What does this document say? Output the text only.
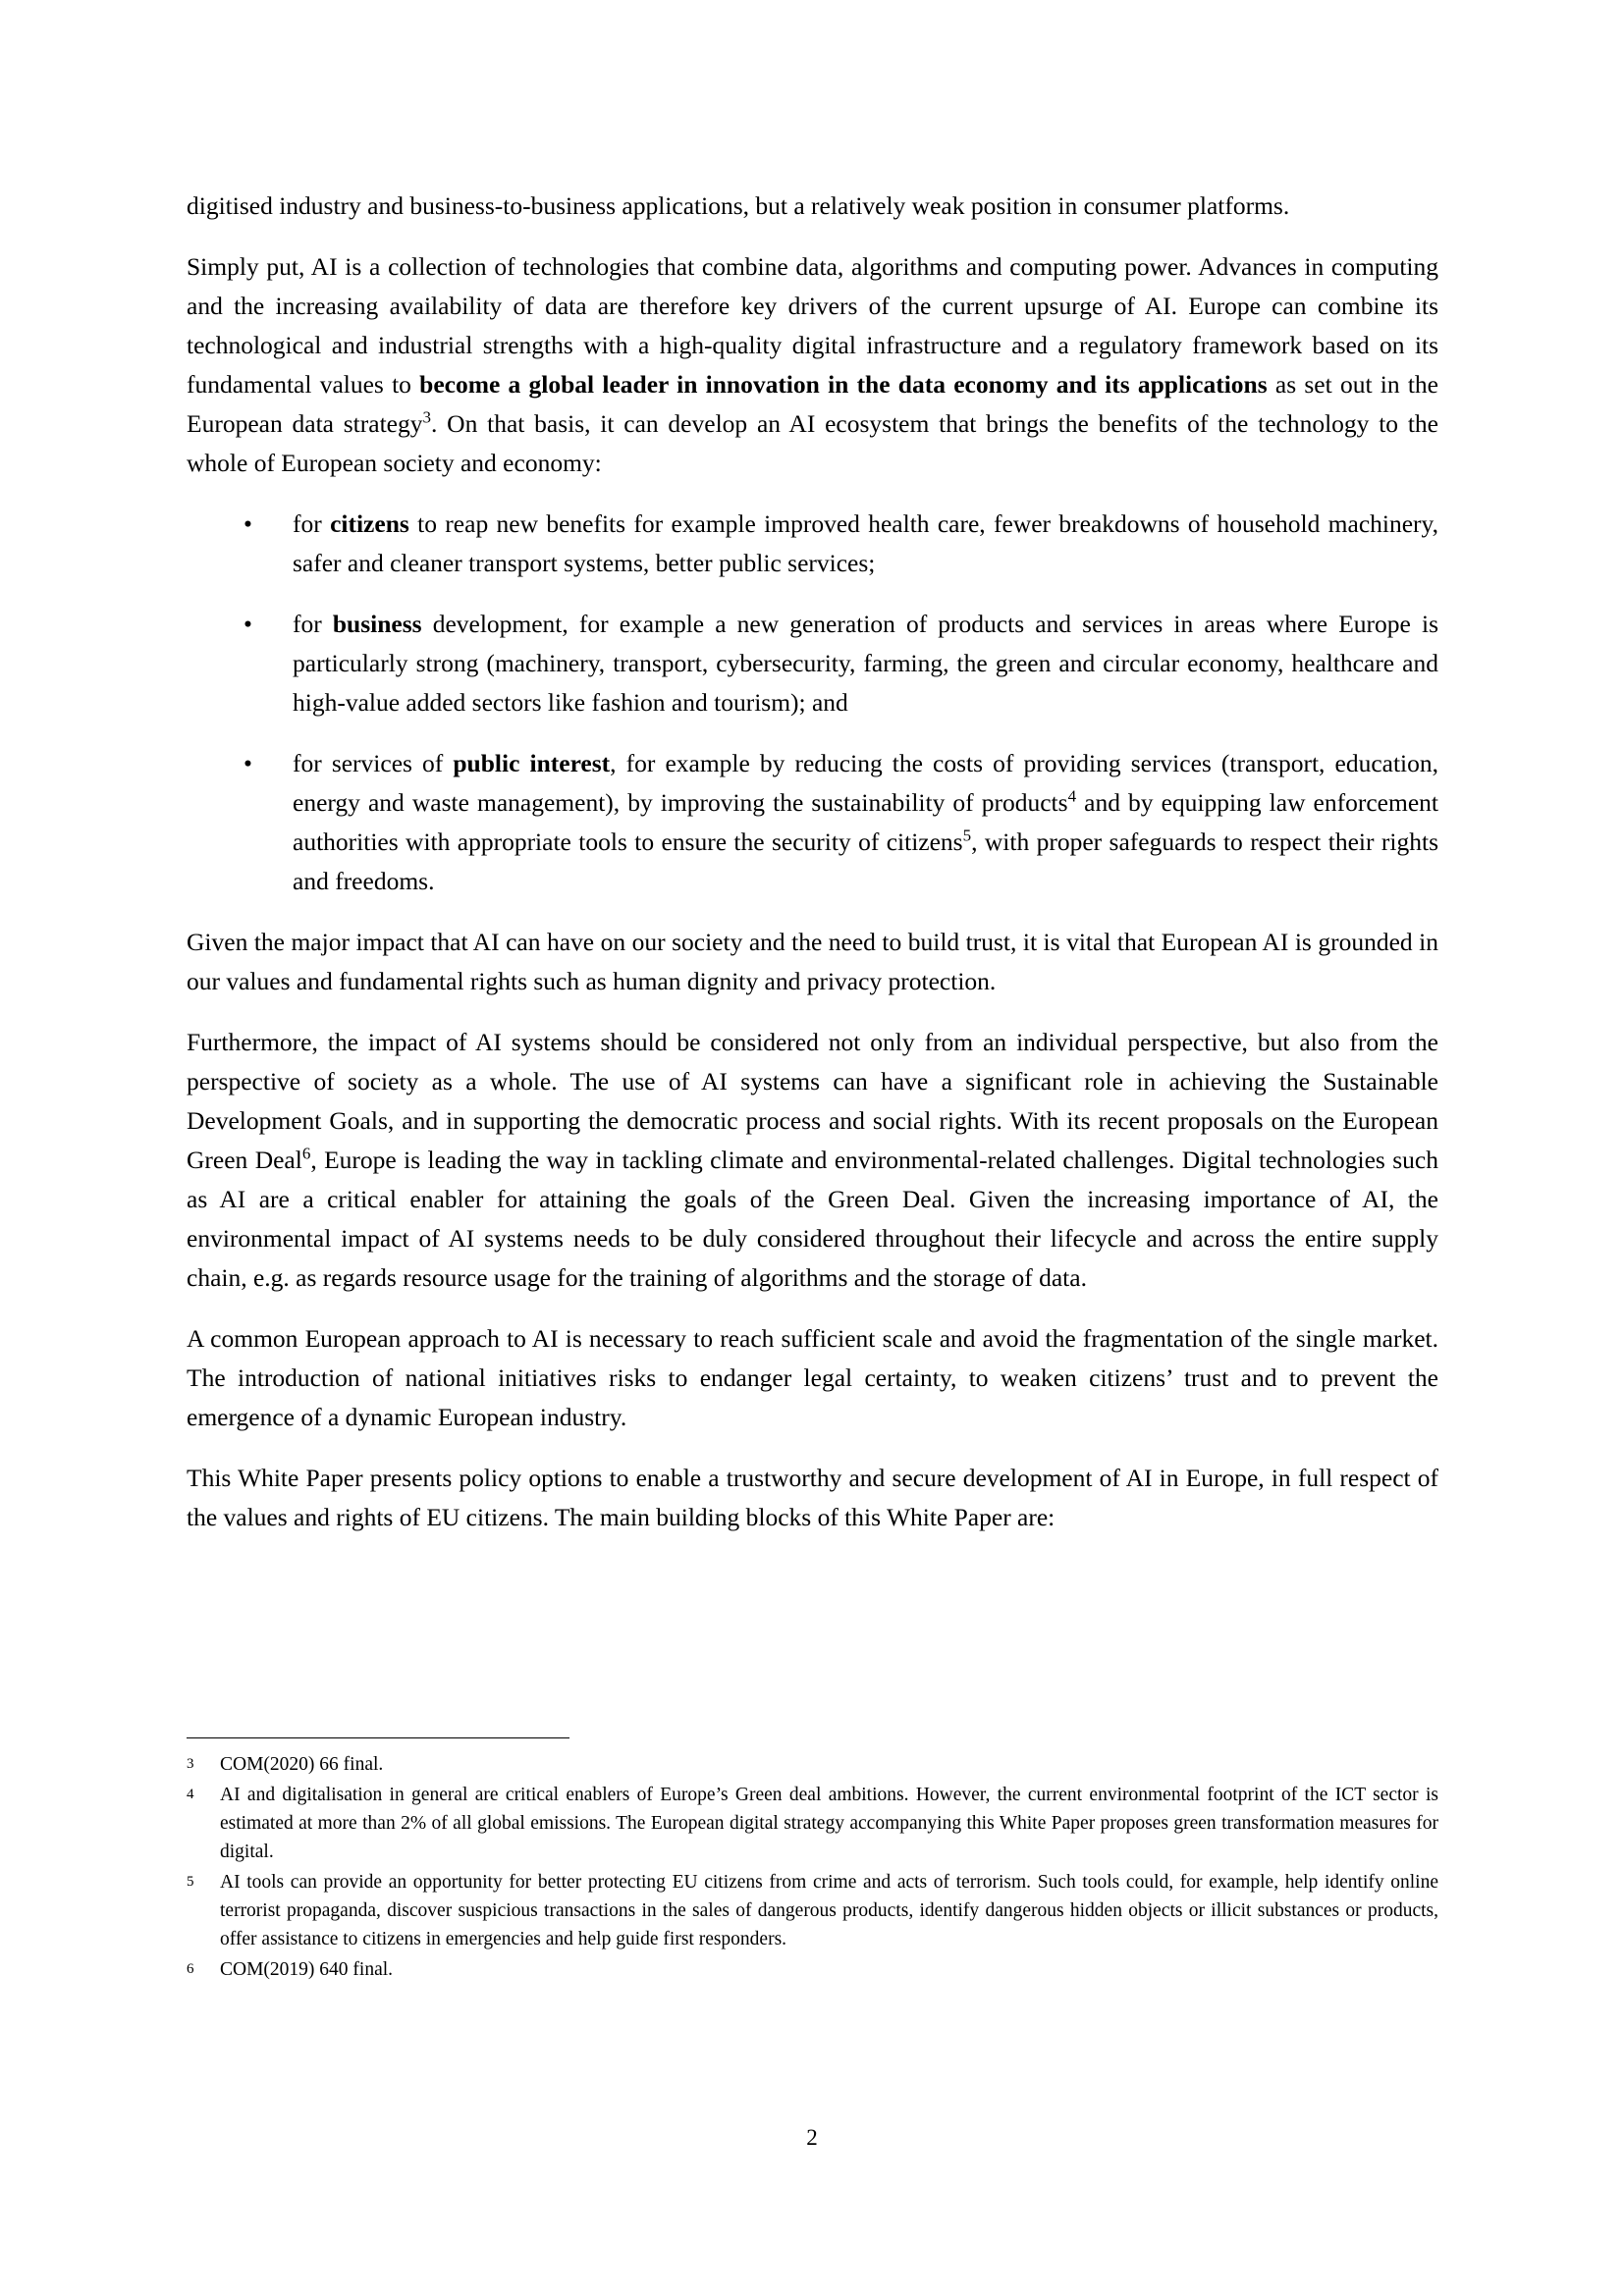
digitised industry and business-to-business applications, but a relatively weak position in consumer platforms.

Simply put, AI is a collection of technologies that combine data, algorithms and computing power. Advances in computing and the increasing availability of data are therefore key drivers of the current upsurge of AI. Europe can combine its technological and industrial strengths with a high-quality digital infrastructure and a regulatory framework based on its fundamental values to become a global leader in innovation in the data economy and its applications as set out in the European data strategy$^3$. On that basis, it can develop an AI ecosystem that brings the benefits of the technology to the whole of European society and economy:

• for citizens to reap new benefits for example improved health care, fewer breakdowns of household machinery, safer and cleaner transport systems, better public services;
• for business development, for example a new generation of products and services in areas where Europe is particularly strong (machinery, transport, cybersecurity, farming, the green and circular economy, healthcare and high-value added sectors like fashion and tourism); and
• for services of public interest, for example by reducing the costs of providing services (transport, education, energy and waste management), by improving the sustainability of products$^4$ and by equipping law enforcement authorities with appropriate tools to ensure the security of citizens$^5$, with proper safeguards to respect their rights and freedoms.

Given the major impact that AI can have on our society and the need to build trust, it is vital that European AI is grounded in our values and fundamental rights such as human dignity and privacy protection.

Furthermore, the impact of AI systems should be considered not only from an individual perspective, but also from the perspective of society as a whole. The use of AI systems can have a significant role in achieving the Sustainable Development Goals, and in supporting the democratic process and social rights. With its recent proposals on the European Green Deal$^6$, Europe is leading the way in tackling climate and environmental-related challenges. Digital technologies such as AI are a critical enabler for attaining the goals of the Green Deal. Given the increasing importance of AI, the environmental impact of AI systems needs to be duly considered throughout their lifecycle and across the entire supply chain, e.g. as regards resource usage for the training of algorithms and the storage of data.

A common European approach to AI is necessary to reach sufficient scale and avoid the fragmentation of the single market. The introduction of national initiatives risks to endanger legal certainty, to weaken citizens’ trust and to prevent the emergence of a dynamic European industry.

This White Paper presents policy options to enable a trustworthy and secure development of AI in Europe, in full respect of the values and rights of EU citizens. The main building blocks of this White Paper are:

3 COM(2020) 66 final.

4 AI and digitalisation in general are critical enablers of Europe’s Green deal ambitions. However, the current environmental footprint of the ICT sector is estimated at more than 2% of all global emissions. The European digital strategy accompanying this White Paper proposes green transformation measures for digital.

5 AI tools can provide an opportunity for better protecting EU citizens from crime and acts of terrorism. Such tools could, for example, help identify online terrorist propaganda, discover suspicious transactions in the sales of dangerous products, identify dangerous hidden objects or illicit substances or products, offer assistance to citizens in emergencies and help guide first responders.

6 COM(2019) 640 final.

2
